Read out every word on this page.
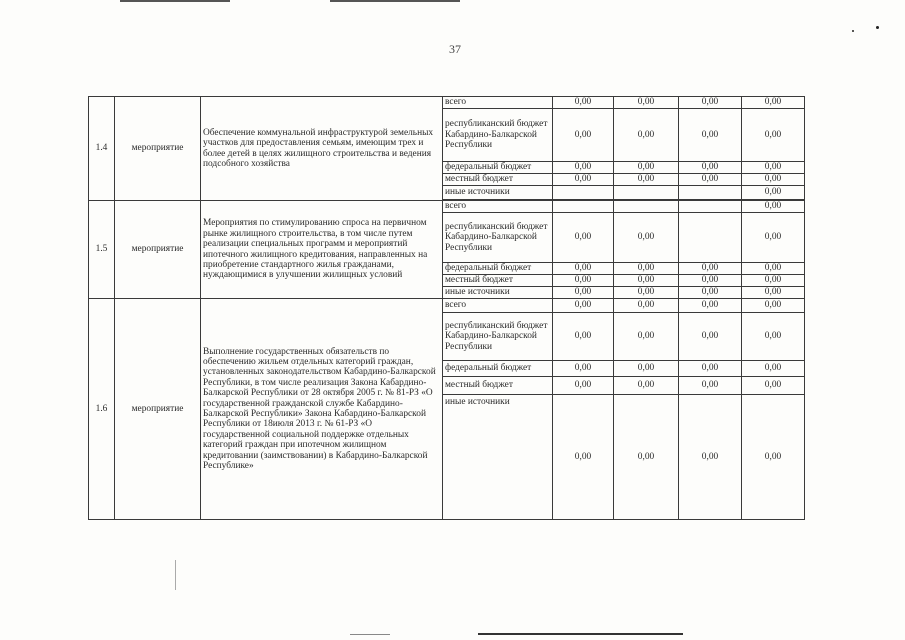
37
1.4	мероприятие	Обеспечение коммунальной инфраструктурой земельных участков для предоставления семьям, имеющим трех и более детей в целях жилищного строительства и ведения подсобного хозяйства	всего	0,00	0,00	0,00	0,00
			республиканский бюджет Кабардино-Балкарской Республики	0,00	0,00	0,00	0,00
			федеральный бюджет	0,00	0,00	0,00	0,00
			местный бюджет	0,00	0,00	0,00	0,00
			иные источники				0,00

1.5	мероприятие	Мероприятия по стимулированию спроса на первичном рынке жилищного строительства, в том числе путем реализации специальных программ и мероприятий ипотечного жилищного кредитования, направленных на приобретение стандартного жилья гражданами, нуждающимися в улучшении жилищных условий	всего				0,00
			республиканский бюджет Кабардино-Балкарской Республики	0,00	0,00		0,00
			федеральный бюджет	0,00	0,00	0,00	0,00
			местный бюджет	0,00	0,00	0,00	0,00
			иные источники	0,00	0,00	0,00	0,00
1.6	мероприятие	Выполнение государственных обязательств по обеспечению жильем отдельных категорий граждан, установленных законодательством Кабардино-Балкарской Республики, в том числе реализация Закона Кабардино-Балкарской Республики от 28 октября 2005 г. № 81-РЗ «О государственной гражданской службе Кабардино-Балкарской Республики» Закона Кабардино-Балкарской Республики от 18июля 2013 г. № 61-РЗ «О государственной социальной поддержке отдельных категорий граждан при ипотечном жилищном кредитовании (заимствовании) в Кабардино-Балкарской Республике»	всего	0,00	0,00	0,00	0,00
			республиканский бюджет Кабардино-Балкарской Республики	0,00	0,00	0,00	0,00
			федеральный бюджет	0,00	0,00	0,00	0,00
			местный бюджет	0,00	0,00	0,00	0,00
			иные источники	0,00	0,00	0,00	0,00
